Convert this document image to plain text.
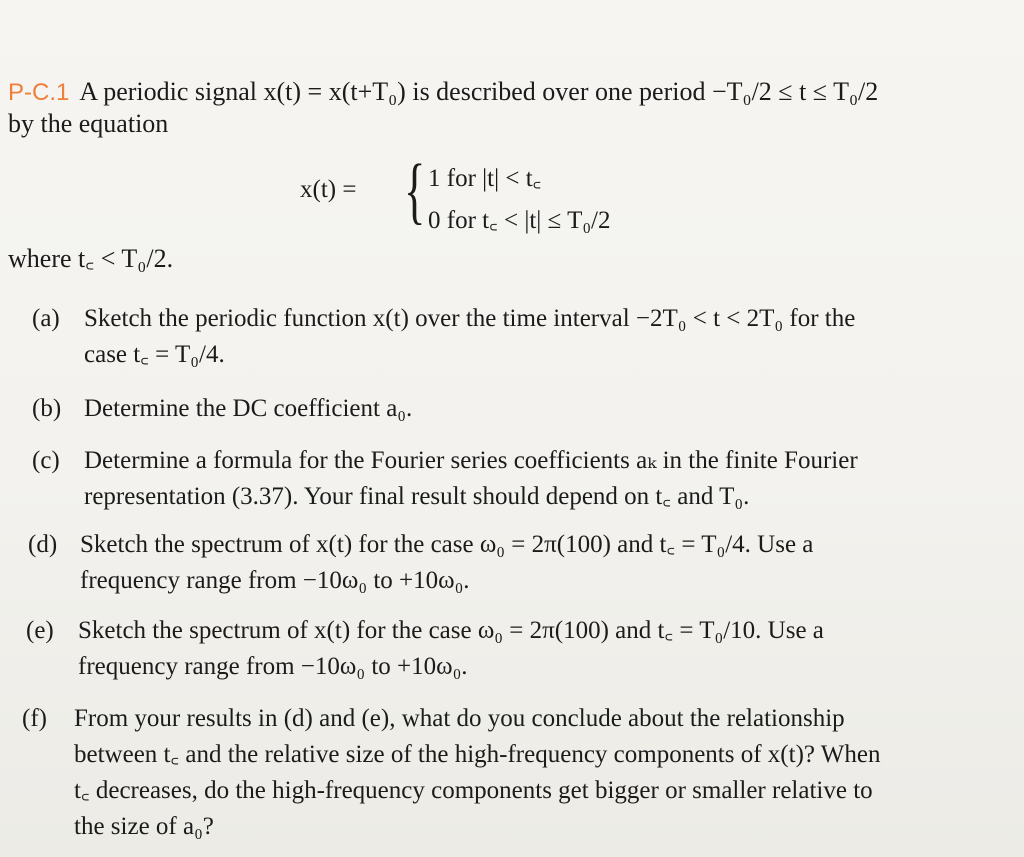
P-C.1 A periodic signal x(t) = x(t+T₀) is described over one period −T₀/2 ≤ t ≤ T₀/2
by the equation
x(t) = { 1 for |t| < t꜀
0 for t꜀ < |t| ≤ T₀/2
where t꜀ < T₀/2.
(a) Sketch the periodic function x(t) over the time interval −2T₀ < t < 2T₀ for the
case t꜀ = T₀/4.
(b) Determine the DC coefficient a₀.
(c) Determine a formula for the Fourier series coefficients aₖ in the finite Fourier
representation (3.37). Your final result should depend on t꜀ and T₀.
(d) Sketch the spectrum of x(t) for the case ω₀ = 2π(100) and t꜀ = T₀/4. Use a
frequency range from −10ω₀ to +10ω₀.
(e) Sketch the spectrum of x(t) for the case ω₀ = 2π(100) and t꜀ = T₀/10. Use a
frequency range from −10ω₀ to +10ω₀.
(f) From your results in (d) and (e), what do you conclude about the relationship
between t꜀ and the relative size of the high-frequency components of x(t)? When
t꜀ decreases, do the high-frequency components get bigger or smaller relative to
the size of a₀?
